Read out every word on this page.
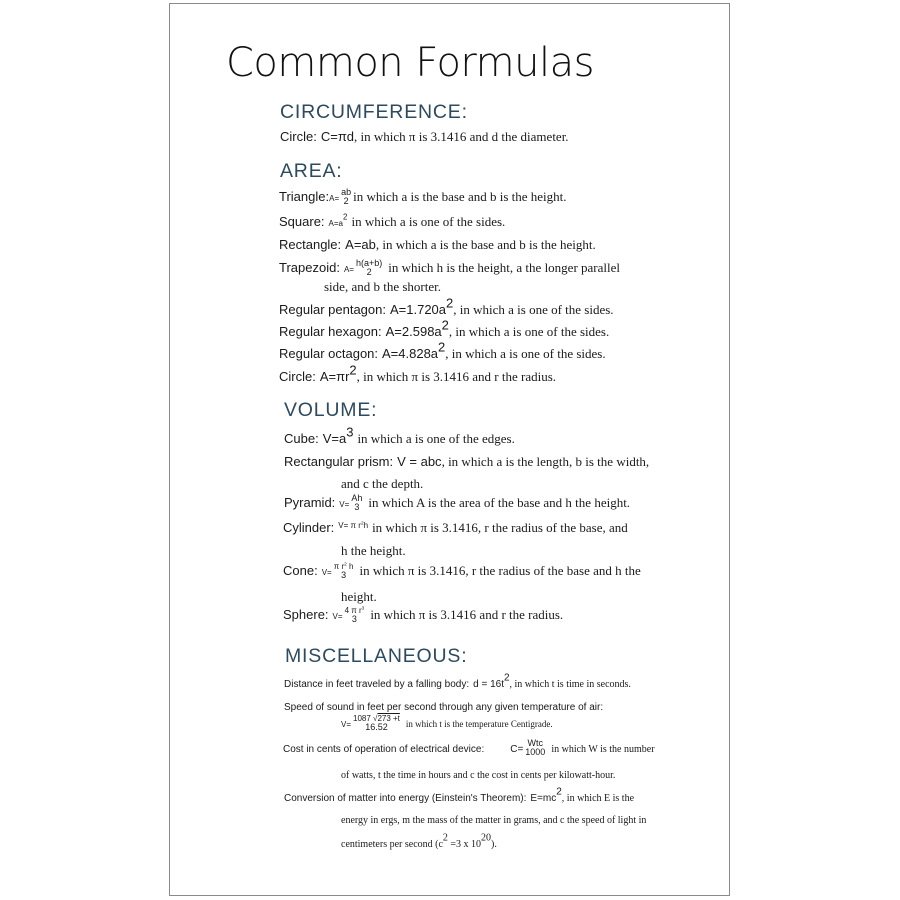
Common Formulas
CIRCUMFERENCE:
Circle: C=πd, in which π is 3.1416 and d the diameter.
AREA:
Triangle:A=
ab
2 in which a is the base and b is the height.
Square: $A=a^2$ in which a is one of the sides.
Rectangle: A=ab, in which a is the base and b is the height.
Trapezoid: A=
h(a+b)
2	in which h is the height, a the longer parallel
side, and b the shorter.
Regular pentagon: $A=1.720a^2$, in which a is one of the sides.
Regular hexagon: $A=2.598a^2$, in which a is one of the sides.
Regular octagon: $A=4.828a^2$, in which a is one of the sides.
Circle: $A=\pi r^2$, in which π is 3.1416 and r the radius.
VOLUME:
Cube: $V=a^3$ in which a is one of the edges.
Rectangular prism: V = abc, in which a is the length, b is the width,
and c the depth.
Pyramid: V=
Ah
3 in which A is the area of the base and h the height.
Cylinder: $^{V= \pi r^2h}$ in which π is 3.1416, r the radius of the base, and
h the height.
Cone: V=
π $r^2$ h
3	in which π is 3.1416, r the radius of the base and h the
height.
Sphere: V=
4 π $r^3$
3	in which π is 3.1416 and r the radius.
MISCELLANEOUS:
Distance in feet traveled by a falling body: $d = 16t^2$, in which t is time in seconds.
Speed of sound in feet per second through any given temperature of air:
V=
1087 √273 +t
16.52	in which t is the temperature Centigrade.
Cost in cents of operation of electrical device:	C=
Wtc
1000 in which W is the number
of watts, t the time in hours and c the cost in cents per kilowatt-hour.
Conversion of matter into energy (Einstein's Theorem): $E=mc^2$, in which E is the
energy in ergs, m the mass of the matter in grams, and c the speed of light in
centimeters per second ($c^2 =3$ x $10^{20}$).
